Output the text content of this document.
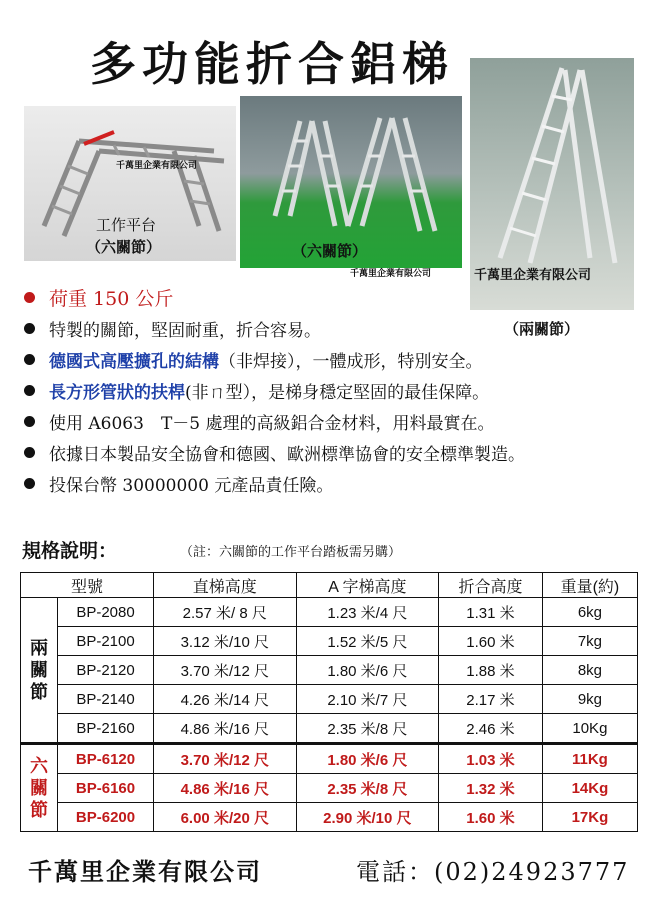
多功能折合鋁梯
千萬里企業有限公司
工作平台
（六關節）	（六關節）
千萬里企業有限公司	千萬里企業有限公司
（兩關節）
荷重 150 公斤
特製的關節，堅固耐重，折合容易。
德國式高壓擴孔的結構 （非焊接），一體成形，特別安全。
長方形管狀的扶桿 (非ㄇ型），是梯身穩定堅固的最佳保障。
使用 A6063　T－5 處理的高級鋁合金材料，用料最實在。
依據日本製品安全協會和德國、歐洲標準協會的安全標準製造。
投保台幣 30000000 元產品責任險。
規格說明：	（註：六關節的工作平台踏板需另購）
型號		直梯高度	A 字梯高度	折合高度	重量(約)

兩
關
節	BP-2080	2.57 米/ 8 尺	1.23 米/4 尺	1.31 米	6kg
	BP-2100	3.12 米/10 尺	1.52 米/5 尺	1.60 米	7kg
	BP-2120	3.70 米/12 尺	1.80 米/6 尺	1.88 米	8kg
	BP-2140	4.26 米/14 尺	2.10 米/7 尺	2.17 米	9kg
	BP-2160	4.86 米/16 尺	2.35 米/8 尺	2.46 米	10Kg

六
關
節	BP-6120	3.70 米/12 尺	1.80 米/6 尺	1.03 米	11Kg
	BP-6160	4.86 米/16 尺	2.35 米/8 尺	1.32 米	14Kg
	BP-6200	6.00 米/20 尺	2.90 米/10 尺	1.60 米	17Kg
千萬里企業有限公司	電話：(02)24923777
